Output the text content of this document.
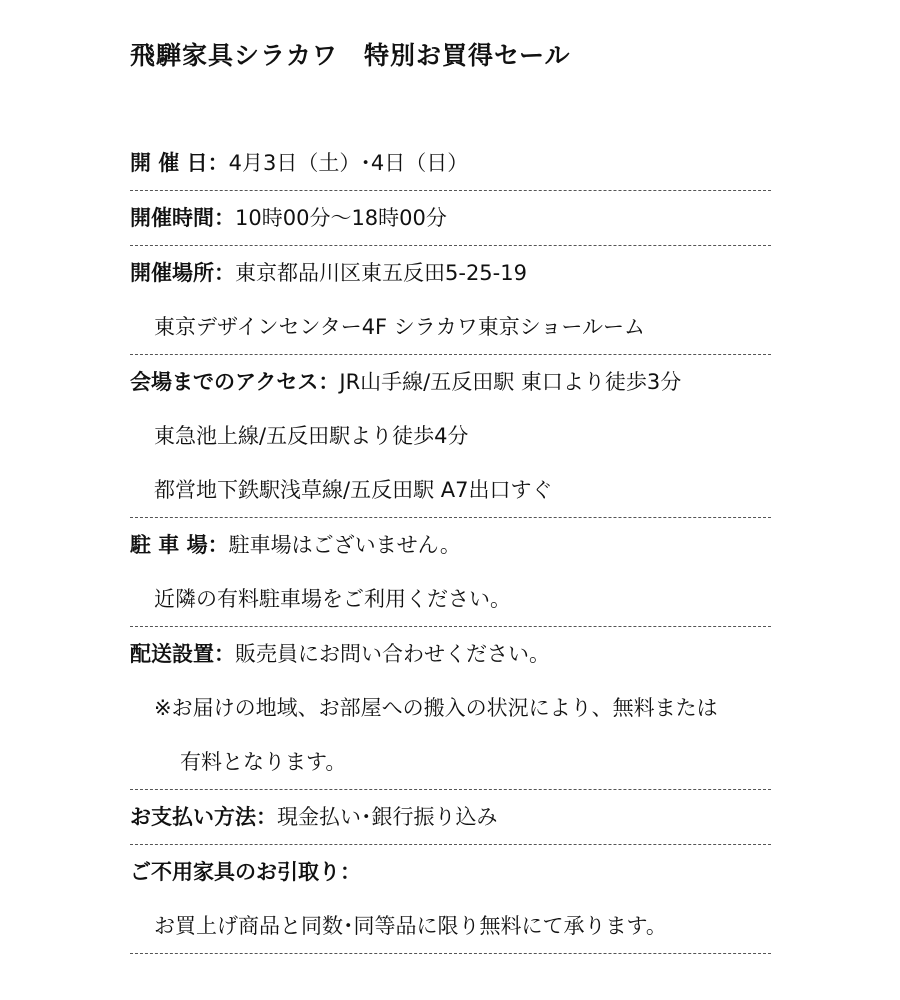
飛騨家具シラカワ　特別お買得セール
開 催 日：4月3日（土）･4日（日）
開催時間：10時00分～18時00分
開催場所：東京都品川区東五反田5-25-19
東京デザインセンター4F シラカワ東京ショールーム
会場までのアクセス：JR山手線/五反田駅 東口より徒歩3分
東急池上線/五反田駅より徒歩4分
都営地下鉄駅浅草線/五反田駅 A7出口すぐ
駐 車 場：駐車場はございません。
近隣の有料駐車場をご利用ください。
配送設置：販売員にお問い合わせください。
※お届けの地域、お部屋への搬入の状況により、無料または
有料となります。
お支払い方法：現金払い･銀行振り込み
ご不用家具のお引取り：
お買上げ商品と同数･同等品に限り無料にて承ります。
